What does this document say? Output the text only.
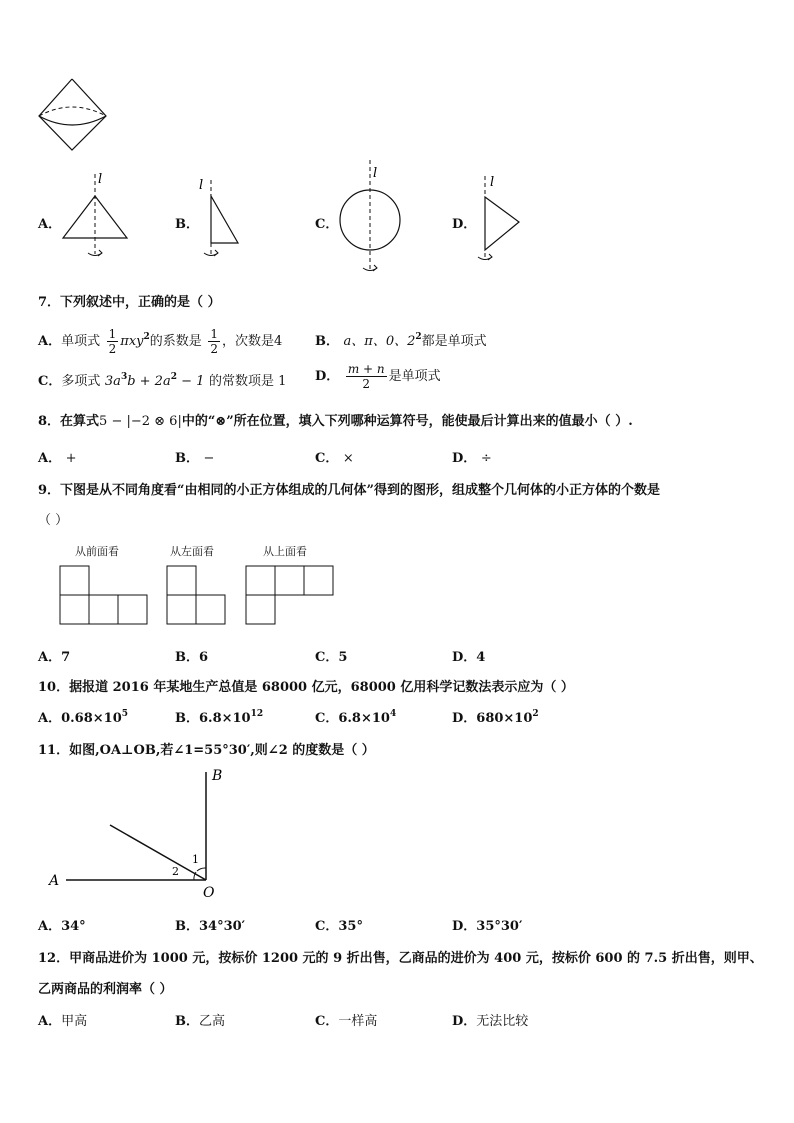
A．
l
B．
l
C．
l
D．
l
7．下列叙述中，正确的是（ ）
A．单项式 $\frac{1}{2} \pi xy^2$的系数是 $\frac{1}{2}$ ，次数是4	B． a、π、0、$2^2$都是单项式
C．多项式 $3a^3b + 2a^2 - 1$ 的常数项是 1 D． $\frac{m + n}{2}$ 是单项式
8．在算式5 − |−2 ⊗ 6|中的“⊗”所在位置，填入下列哪种运算符号，能使最后计算出来的值最小（ ）.
A． +	B． −	C． ×	D． ÷
9．下图是从不同角度看“由相同的小正方体组成的几何体”得到的图形，组成整个几何体的小正方体的个数是
（ ）
从前面看	从左面看	从上面看
A．7	B．6	C．5	D．4
10．据报道 2016 年某地生产总值是 68000 亿元，68000 亿用科学记数法表示应为（ ）
A．$0.68\times 10^5$	B．$6.8\times 10^{12}$	C．$6.8\times 10^4$	D．$680\times 10^2$
11．如图,OA⊥OB,若∠1=55°30′,则∠2 的度数是（ ）
A
B
O
1
2
A．34°	B．34°30′	C．35°	D．35°30′
12．甲商品进价为 1000 元，按标价 1200 元的 9 折出售，乙商品的进价为 400 元，按标价 600 的 7.5 折出售，则甲、
乙两商品的利润率（ ）
A．甲高	B．乙高	C．一样高	D．无法比较
